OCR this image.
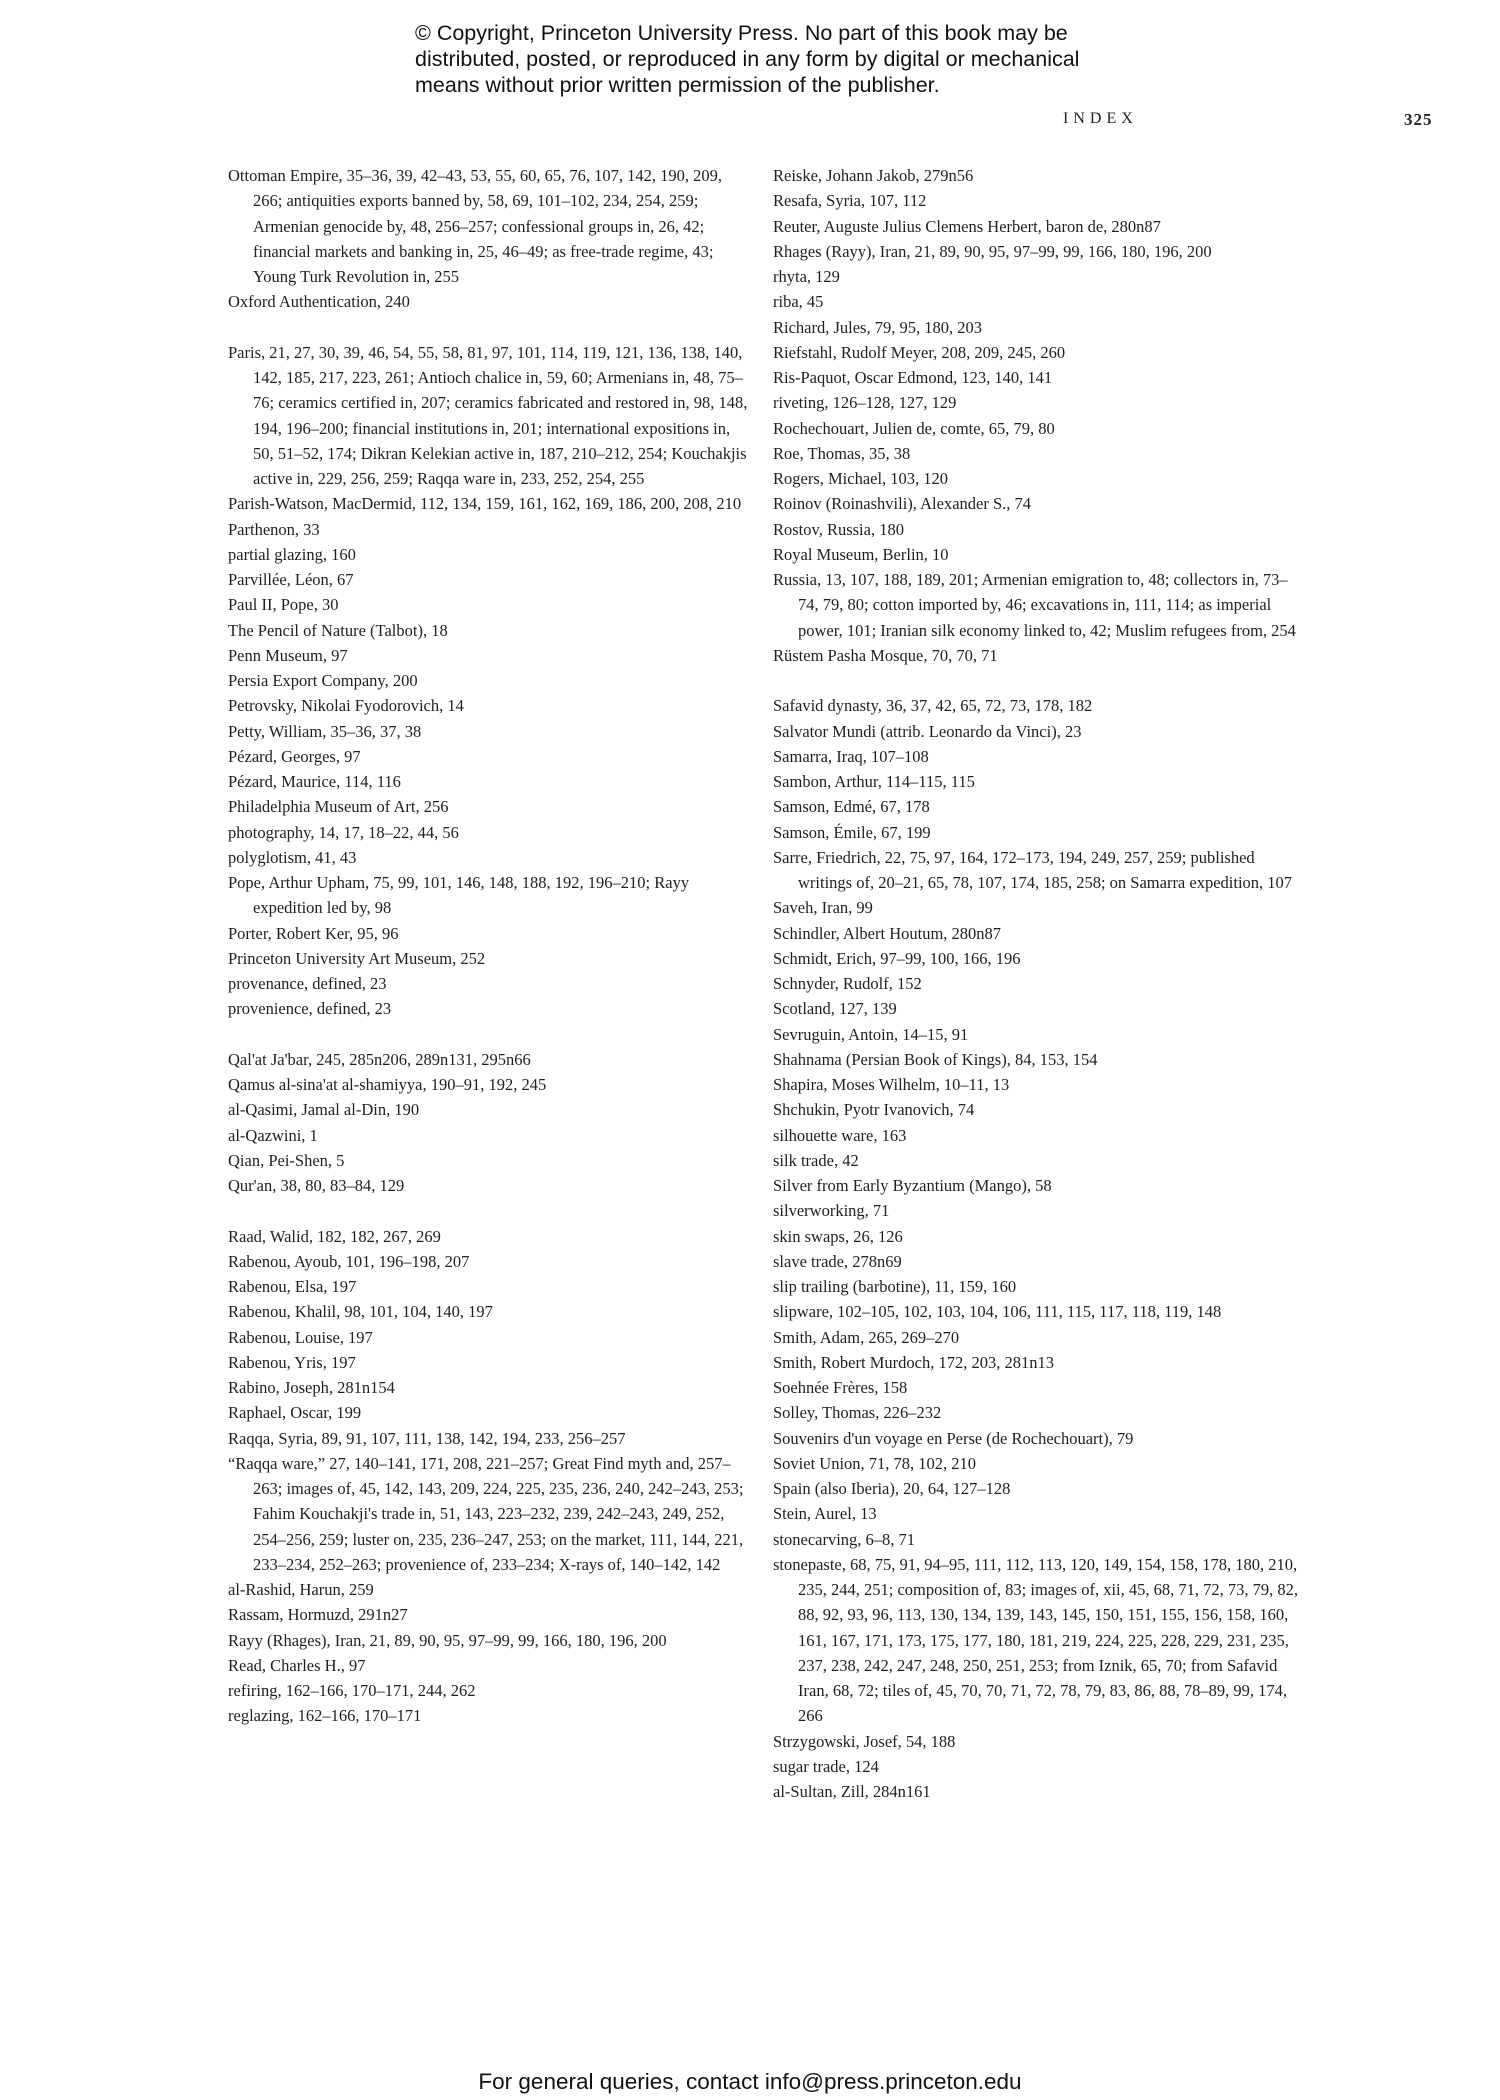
© Copyright, Princeton University Press. No part of this book may be
distributed, posted, or reproduced in any form by digital or mechanical
means without prior written permission of the publisher.
INDEX	325
Ottoman Empire, 35–36, 39, 42–43, 53, 55, 60, 65, 76, 107, 142, 190, 209, 266; antiquities exports banned by, 58, 69, 101–102, 234, 254, 259; Armenian genocide by, 48, 256–257; confessional groups in, 26, 42; financial markets and banking in, 25, 46–49; as free-trade regime, 43; Young Turk Revolution in, 255
Oxford Authentication, 240
Paris, 21, 27, 30, 39, 46, 54, 55, 58, 81, 97, 101, 114, 119, 121, 136, 138, 140, 142, 185, 217, 223, 261; Antioch chalice in, 59, 60; Armenians in, 48, 75–76; ceramics certified in, 207; ceramics fabricated and restored in, 98, 148, 194, 196–200; financial institutions in, 201; international expositions in, 50, 51–52, 174; Dikran Kelekian active in, 187, 210–212, 254; Kouchakjis active in, 229, 256, 259; Raqqa ware in, 233, 252, 254, 255
Parish-Watson, MacDermid, 112, 134, 159, 161, 162, 169, 186, 200, 208, 210
Parthenon, 33
partial glazing, 160
Parvillée, Léon, 67
Paul II, Pope, 30
The Pencil of Nature (Talbot), 18
Penn Museum, 97
Persia Export Company, 200
Petrovsky, Nikolai Fyodorovich, 14
Petty, William, 35–36, 37, 38
Pézard, Georges, 97
Pézard, Maurice, 114, 116
Philadelphia Museum of Art, 256
photography, 14, 17, 18–22, 44, 56
polyglotism, 41, 43
Pope, Arthur Upham, 75, 99, 101, 146, 148, 188, 192, 196–210; Rayy expedition led by, 98
Porter, Robert Ker, 95, 96
Princeton University Art Museum, 252
provenance, defined, 23
provenience, defined, 23
Qal'at Ja'bar, 245, 285n206, 289n131, 295n66
Qamus al-sina'at al-shamiyya, 190–91, 192, 245
al-Qasimi, Jamal al-Din, 190
al-Qazwini, 1
Qian, Pei-Shen, 5
Qur'an, 38, 80, 83–84, 129
Raad, Walid, 182, 182, 267, 269
Rabenou, Ayoub, 101, 196–198, 207
Rabenou, Elsa, 197
Rabenou, Khalil, 98, 101, 104, 140, 197
Rabenou, Louise, 197
Rabenou, Yris, 197
Rabino, Joseph, 281n154
Raphael, Oscar, 199
Raqqa, Syria, 89, 91, 107, 111, 138, 142, 194, 233, 256–257
“Raqqa ware,” 27, 140–141, 171, 208, 221–257; Great Find myth and, 257–263; images of, 45, 142, 143, 209, 224, 225, 235, 236, 240, 242–243, 253; Fahim Kouchakji's trade in, 51, 143, 223–232, 239, 242–243, 249, 252, 254–256, 259; luster on, 235, 236–247, 253; on the market, 111, 144, 221, 233–234, 252–263; provenience of, 233–234; X-rays of, 140–142, 142
al-Rashid, Harun, 259
Rassam, Hormuzd, 291n27
Rayy (Rhages), Iran, 21, 89, 90, 95, 97–99, 99, 166, 180, 196, 200
Read, Charles H., 97
refiring, 162–166, 170–171, 244, 262
reglazing, 162–166, 170–171
Reiske, Johann Jakob, 279n56
Resafa, Syria, 107, 112
Reuter, Auguste Julius Clemens Herbert, baron de, 280n87
Rhages (Rayy), Iran, 21, 89, 90, 95, 97–99, 99, 166, 180, 196, 200
rhyta, 129
riba, 45
Richard, Jules, 79, 95, 180, 203
Riefstahl, Rudolf Meyer, 208, 209, 245, 260
Ris-Paquot, Oscar Edmond, 123, 140, 141
riveting, 126–128, 127, 129
Rochechouart, Julien de, comte, 65, 79, 80
Roe, Thomas, 35, 38
Rogers, Michael, 103, 120
Roinov (Roinashvili), Alexander S., 74
Rostov, Russia, 180
Royal Museum, Berlin, 10
Russia, 13, 107, 188, 189, 201; Armenian emigration to, 48; collectors in, 73–74, 79, 80; cotton imported by, 46; excavations in, 111, 114; as imperial power, 101; Iranian silk economy linked to, 42; Muslim refugees from, 254
Rüstem Pasha Mosque, 70, 70, 71
Safavid dynasty, 36, 37, 42, 65, 72, 73, 178, 182
Salvator Mundi (attrib. Leonardo da Vinci), 23
Samarra, Iraq, 107–108
Sambon, Arthur, 114–115, 115
Samson, Edmé, 67, 178
Samson, Émile, 67, 199
Sarre, Friedrich, 22, 75, 97, 164, 172–173, 194, 249, 257, 259; published writings of, 20–21, 65, 78, 107, 174, 185, 258; on Samarra expedition, 107
Saveh, Iran, 99
Schindler, Albert Houtum, 280n87
Schmidt, Erich, 97–99, 100, 166, 196
Schnyder, Rudolf, 152
Scotland, 127, 139
Sevruguin, Antoin, 14–15, 91
Shahnama (Persian Book of Kings), 84, 153, 154
Shapira, Moses Wilhelm, 10–11, 13
Shchukin, Pyotr Ivanovich, 74
silhouette ware, 163
silk trade, 42
Silver from Early Byzantium (Mango), 58
silverworking, 71
skin swaps, 26, 126
slave trade, 278n69
slip trailing (barbotine), 11, 159, 160
slipware, 102–105, 102, 103, 104, 106, 111, 115, 117, 118, 119, 148
Smith, Adam, 265, 269–270
Smith, Robert Murdoch, 172, 203, 281n13
Soehnée Frères, 158
Solley, Thomas, 226–232
Souvenirs d'un voyage en Perse (de Rochechouart), 79
Soviet Union, 71, 78, 102, 210
Spain (also Iberia), 20, 64, 127–128
Stein, Aurel, 13
stonecarving, 6–8, 71
stonepaste, 68, 75, 91, 94–95, 111, 112, 113, 120, 149, 154, 158, 178, 180, 210, 235, 244, 251; composition of, 83; images of, xii, 45, 68, 71, 72, 73, 79, 82, 88, 92, 93, 96, 113, 130, 134, 139, 143, 145, 150, 151, 155, 156, 158, 160, 161, 167, 171, 173, 175, 177, 180, 181, 219, 224, 225, 228, 229, 231, 235, 237, 238, 242, 247, 248, 250, 251, 253; from Iznik, 65, 70; from Safavid Iran, 68, 72; tiles of, 45, 70, 70, 71, 72, 78, 79, 83, 86, 88, 78–89, 99, 174, 266
Strzygowski, Josef, 54, 188
sugar trade, 124
al-Sultan, Zill, 284n161
For general queries, contact info@press.princeton.edu
